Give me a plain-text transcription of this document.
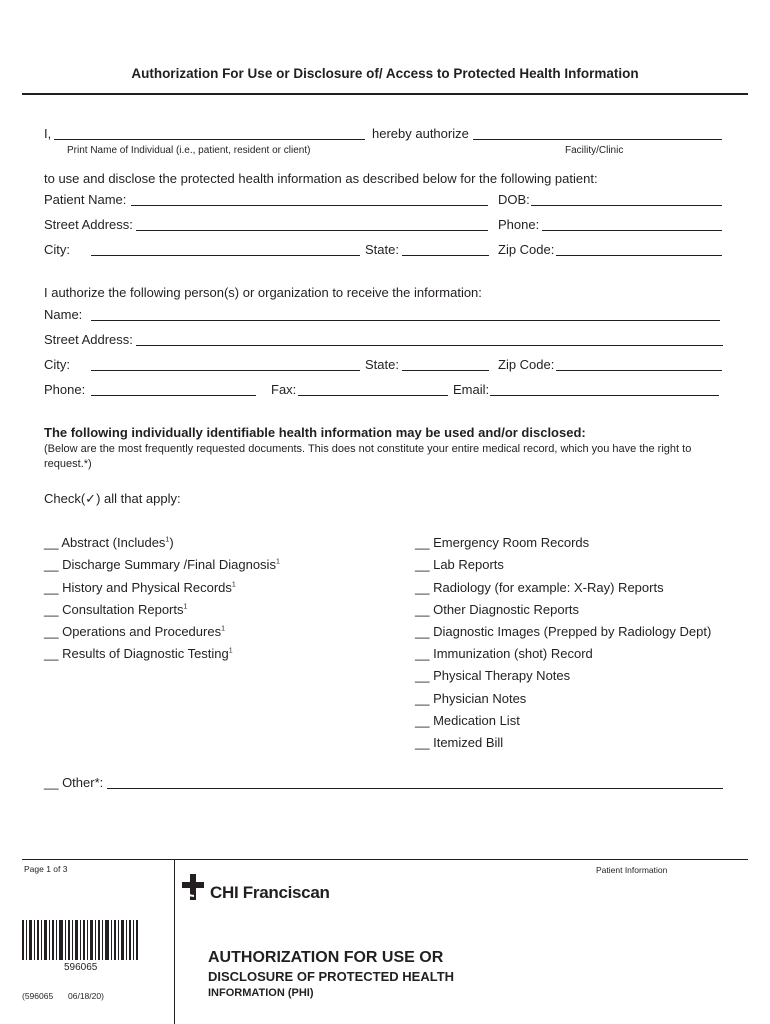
Authorization For Use or Disclosure of/ Access to Protected Health Information
I,	hereby authorize
Print Name of Individual (i.e., patient, resident or client)	Facility/Clinic
to use and disclose the protected health information as described below for the following patient:
Patient Name:	DOB:
Street Address:	Phone:
City:	State:	Zip Code:
I authorize the following person(s) or organization to receive the information:
Name:
Street Address:
City:	State:	Zip Code:
Phone:	Fax:	Email:
The following individually identifiable health information may be used and/or disclosed:
(Below are the most frequently requested documents. This does not constitute your entire medical record, which you have the right to request.*)
Check(✓) all that apply:
__ Abstract (Includes$^1$)
__ Discharge Summary /Final Diagnosis$^1$
__ History and Physical Records$^1$
__ Consultation Reports$^1$
__ Operations and Procedures$^1$
__ Results of Diagnostic Testing$^1$
__ Emergency Room Records
__ Lab Reports
__ Radiology (for example: X-Ray) Reports
__ Other Diagnostic Reports
__ Diagnostic Images (Prepped by Radiology Dept)
__ Immunization (shot) Record
__ Physical Therapy Notes
__ Physician Notes
__ Medication List
__ Itemized Bill
__ Other*:
Page 1 of 3	Patient Information
CHI Franciscan
596065
(596065 06/18/20)
AUTHORIZATION FOR USE OR
DISCLOSURE OF PROTECTED HEALTH
INFORMATION (PHI)
